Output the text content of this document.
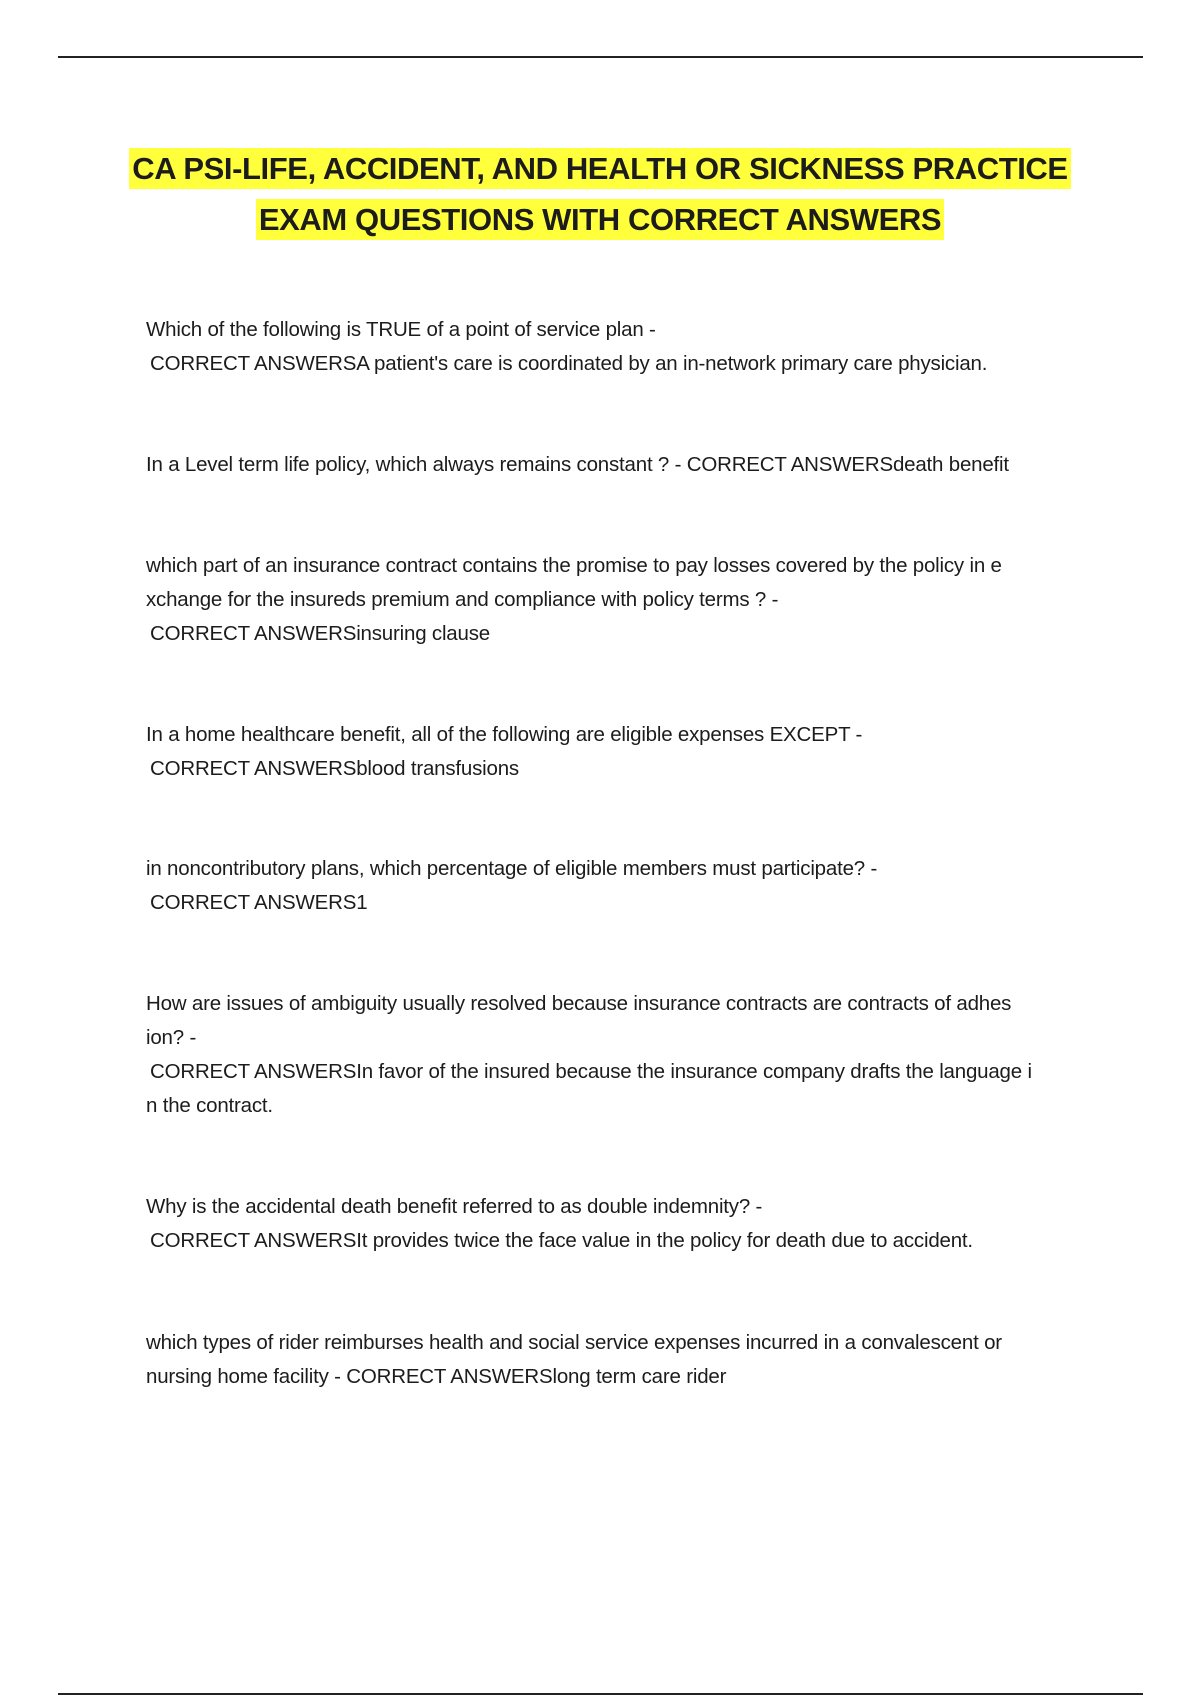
CA PSI-LIFE, ACCIDENT, AND HEALTH OR SICKNESS PRACTICE
EXAM QUESTIONS WITH CORRECT ANSWERS
Which of the following is TRUE of a point of service plan -
CORRECT ANSWERSA patient's care is coordinated by an in-network primary care physician.
In a Level term life policy, which always remains constant ? - CORRECT ANSWERSdeath benefit
which part of an insurance contract contains the promise to pay losses covered by the policy in e
xchange for the insureds premium and compliance with policy terms ? -
CORRECT ANSWERSinsuring clause
In a home healthcare benefit, all of the following are eligible expenses EXCEPT -
CORRECT ANSWERSblood transfusions
in noncontributory plans, which percentage of eligible members must participate? -
CORRECT ANSWERS1
How are issues of ambiguity usually resolved because insurance contracts are contracts of adhes
ion? -
CORRECT ANSWERSIn favor of the insured because the insurance company drafts the language i
n the contract.
Why is the accidental death benefit referred to as double indemnity? -
CORRECT ANSWERSIt provides twice the face value in the policy for death due to accident.
which types of rider reimburses health and social service expenses incurred in a convalescent or
nursing home facility - CORRECT ANSWERSlong term care rider
